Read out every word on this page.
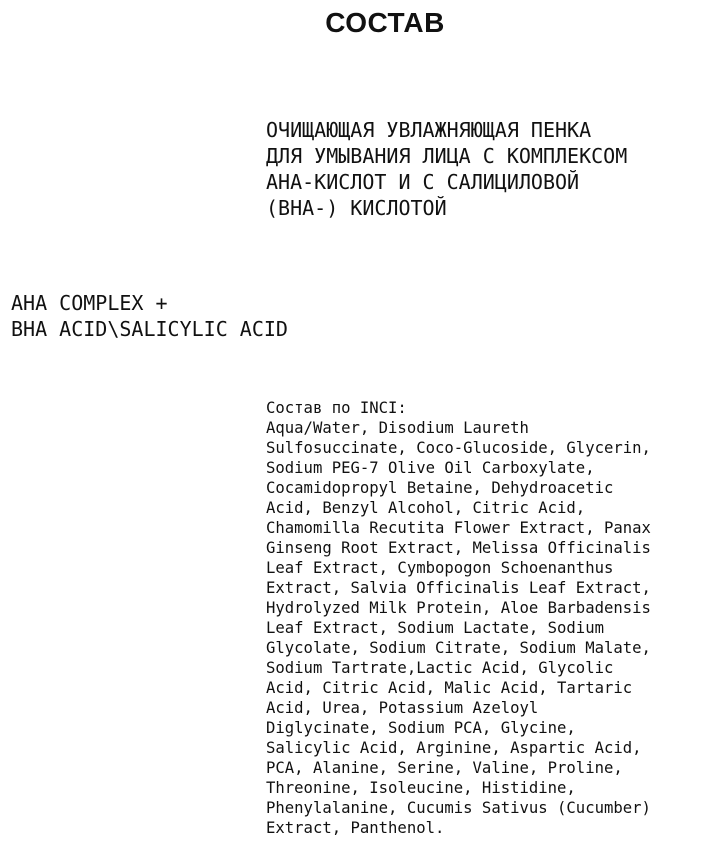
СОСТАВ
ОЧИЩАЮЩАЯ УВЛАЖНЯЮЩАЯ ПЕНКА
ДЛЯ УМЫВАНИЯ ЛИЦА С КОМПЛЕКСОМ
АНА-КИСЛОТ И С САЛИЦИЛОВОЙ
(ВНА-) КИСЛОТОЙ
AHA COMPLEX +
BHA ACID\SALICYLIC ACID
Состав по INCI:
Aqua/Water, Disodium Laureth
Sulfosuccinate, Coco-Glucoside, Glycerin,
Sodium PEG-7 Olive Oil Carboxylate,
Cocamidopropyl Betaine, Dehydroacetic
Acid, Benzyl Alcohol, Citric Acid,
Chamomilla Recutita Flower Extract, Panax
Ginseng Root Extract, Melissa Officinalis
Leaf Extract, Cymbopogon Schoenanthus
Extract, Salvia Officinalis Leaf Extract,
Hydrolyzed Milk Protein, Aloe Barbadensis
Leaf Extract, Sodium Lactate, Sodium
Glycolate, Sodium Citrate, Sodium Malate,
Sodium Tartrate,Lactic Acid, Glycolic
Acid, Citric Acid, Malic Acid, Tartaric
Acid, Urea, Potassium Azeloyl
Diglycinate, Sodium PCA, Glycine,
Salicylic Acid, Arginine, Aspartic Acid,
PCA, Alanine, Serine, Valine, Proline,
Threonine, Isoleucine, Histidine,
Phenylalanine, Cucumis Sativus (Cucumber)
Extract, Panthenol.
